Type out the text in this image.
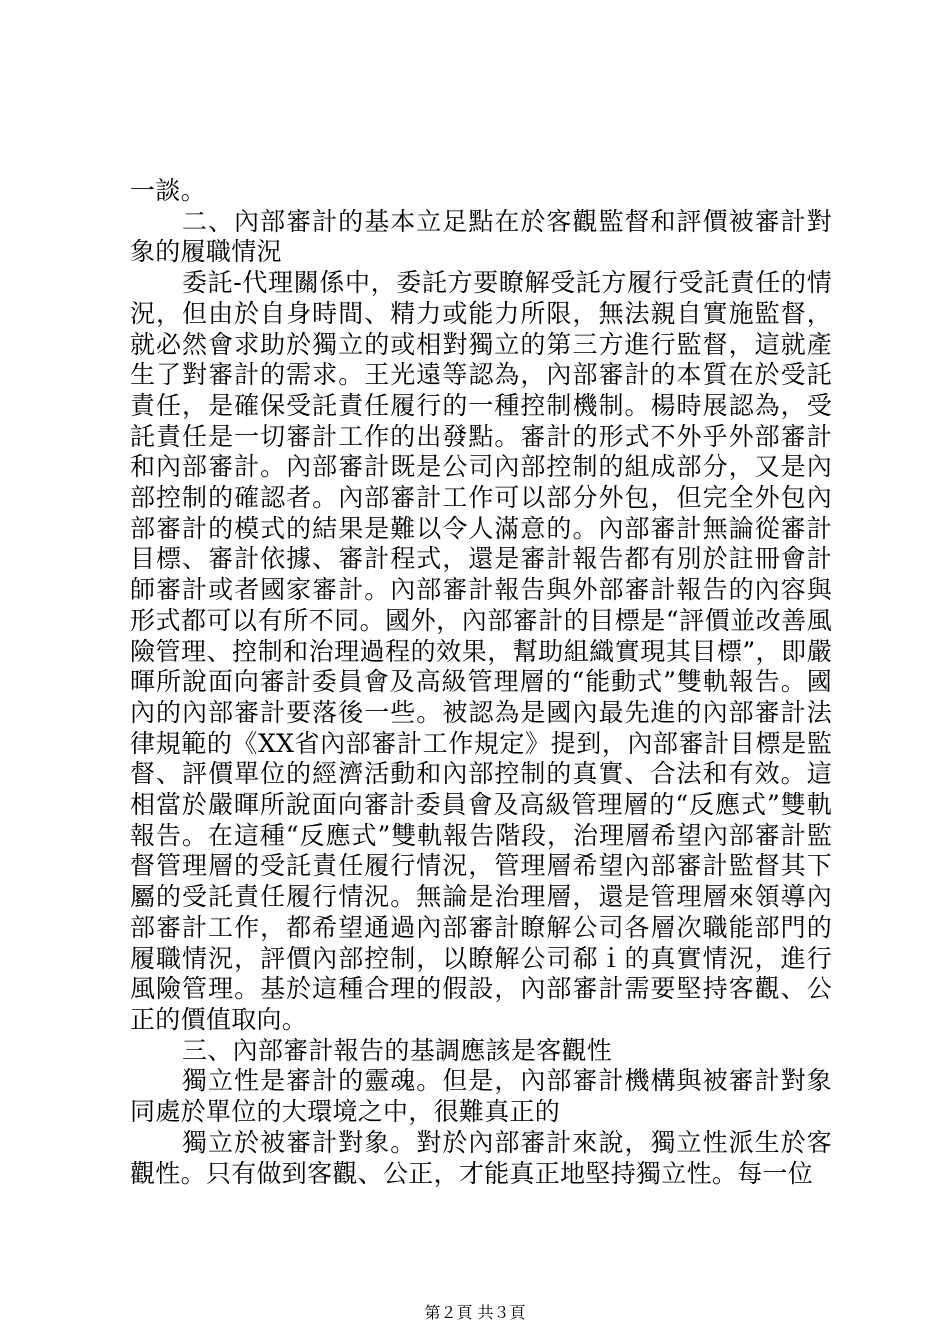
一談。

二、內部審計的基本立足點在於客觀監督和評價被審計對象的履職情況

委託-代理關係中，委託方要瞭解受託方履行受託責任的情況，但由於自身時間、精力或能力所限，無法親自實施監督，就必然會求助於獨立的或相對獨立的第三方進行監督，這就產生了對審計的需求。王光遠等認為，內部審計的本質在於受託責任，是確保受託責任履行的一種控制機制。楊時展認為，受託責任是一切審計工作的出發點。審計的形式不外乎外部審計和內部審計。內部審計既是公司內部控制的組成部分，又是內部控制的確認者。內部審計工作可以部分外包，但完全外包內部審計的模式的結果是難以令人滿意的。內部審計無論從審計目標、審計依據、審計程式，還是審計報告都有別於註冊會計師審計或者國家審計。內部審計報告與外部審計報告的內容與形式都可以有所不同。國外，內部審計的目標是“評價並改善風險管理、控制和治理過程的效果，幫助組織實現其目標”，即嚴暉所說面向審計委員會及高級管理層的“能動式”雙軌報告。國內的內部審計要落後一些。被認為是國內最先進的內部審計法律規範的《XX省內部審計工作規定》提到，內部審計目標是監督、評價單位的經濟活動和內部控制的真實、合法和有效。這相當於嚴暉所說面向審計委員會及高級管理層的“反應式”雙軌報告。在這種“反應式”雙軌報告階段，治理層希望內部審計監督管理層的受託責任履行情況，管理層希望內部審計監督其下屬的受託責任履行情況。無論是治理層，還是管理層來領導內部審計工作，都希望通過內部審計瞭解公司各層次職能部門的履職情況，評價內部控制，以瞭解公司郗ｉ的真實情況，進行風險管理。基於這種合理的假設，內部審計需要堅持客觀、公正的價值取向。

三、內部審計報告的基調應該是客觀性

獨立性是審計的靈魂。但是，內部審計機構與被審計對象同處於單位的大環境之中，很難真正的

獨立於被審計對象。對於內部審計來說，獨立性派生於客觀性。只有做到客觀、公正，才能真正地堅持獨立性。每一位

第２頁 共３頁
